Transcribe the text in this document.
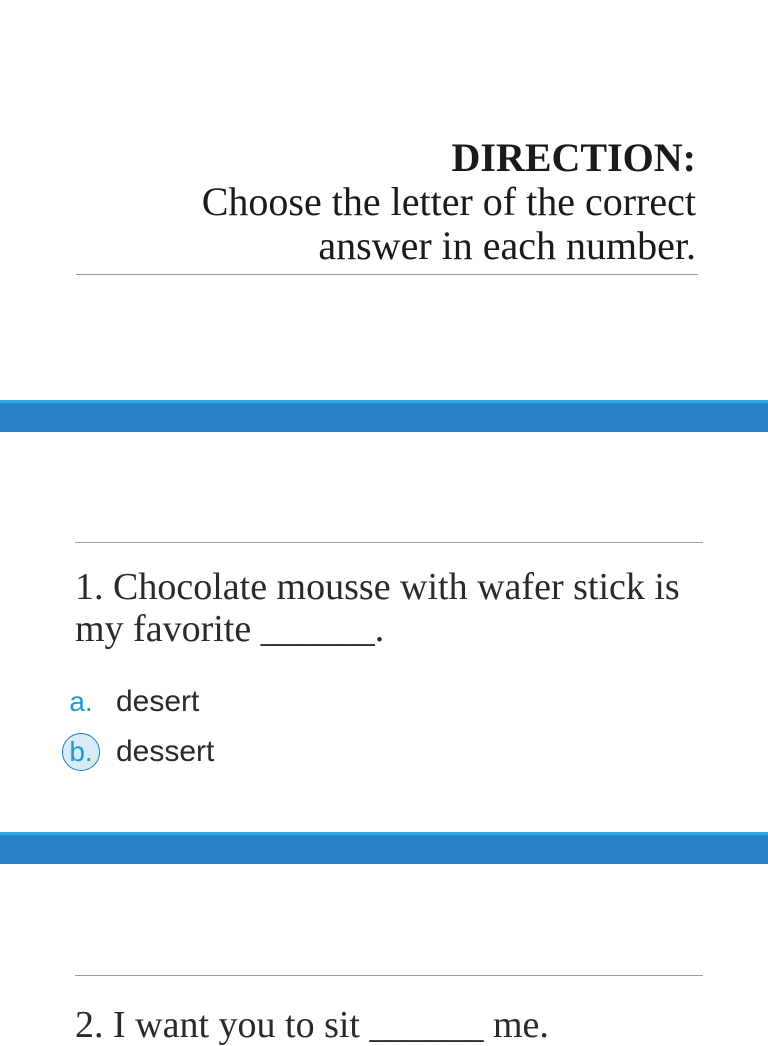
DIRECTION:
Choose the letter of the correct
answer in each number.
1. Chocolate mousse with wafer stick is my favorite ______.
a. desert
b. dessert
2. I want you to sit ______ me.
